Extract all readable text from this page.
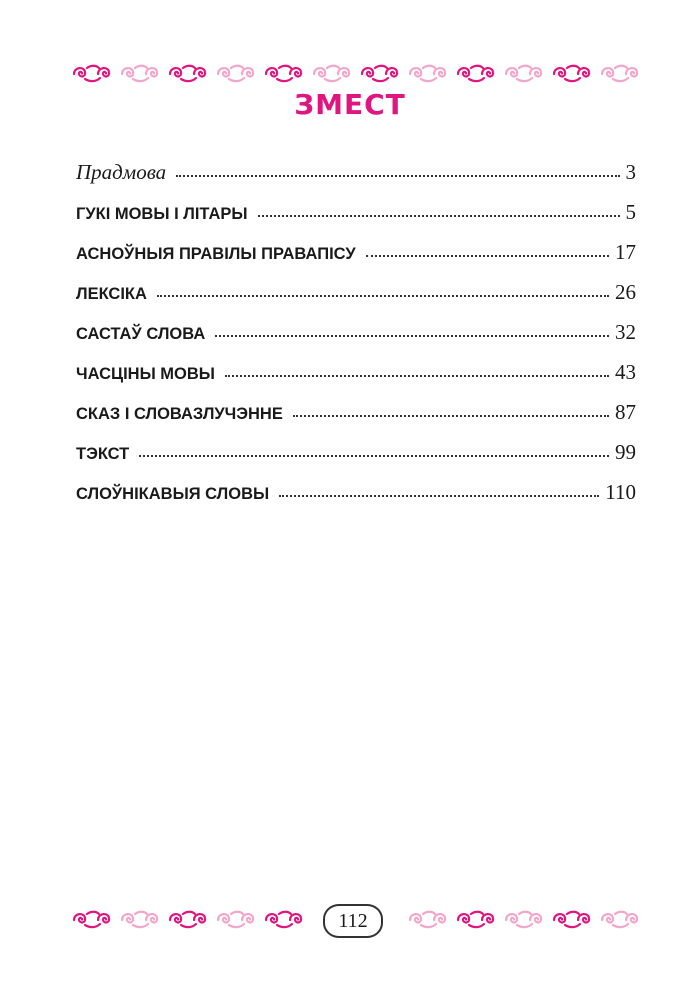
ЗМЕСТ
Прадмова	3
ГУКІ МОВЫ І ЛІТАРЫ	5
АСНОЎНЫЯ ПРАВІЛЫ ПРАВАПІСУ	17
ЛЕКСІКА	26
САСТАЎ СЛОВА	32
ЧАСЦІНЫ МОВЫ	43
СКАЗ І СЛОВАЗЛУЧЭННЕ	87
ТЭКСТ	99
СЛОЎНІКАВЫЯ СЛОВЫ	110
112
